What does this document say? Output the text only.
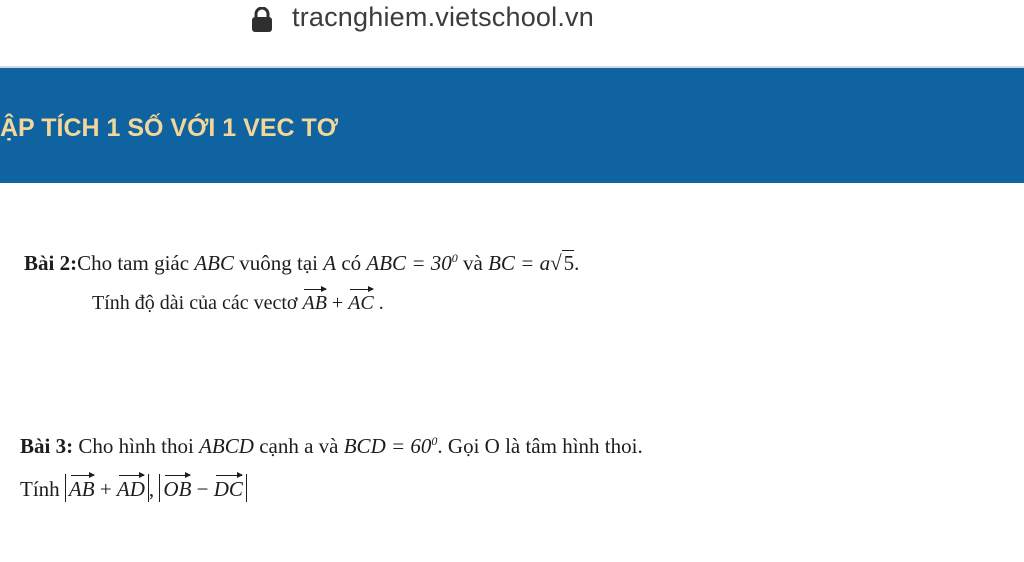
tracnghiem.vietschool.vn
ẬP TÍCH 1 SỐ VỚI 1 VEC TƠ
Bài 2:Cho tam giác ABC vuông tại A có ABC = $30^0$ và BC = a√5.
Tính độ dài của các vectơ AB + AC .
Bài 3: Cho hình thoi ABCD cạnh a và BCD = $60^0$. Gọi O là tâm hình thoi.
Tính AB + AD , OB − DC
